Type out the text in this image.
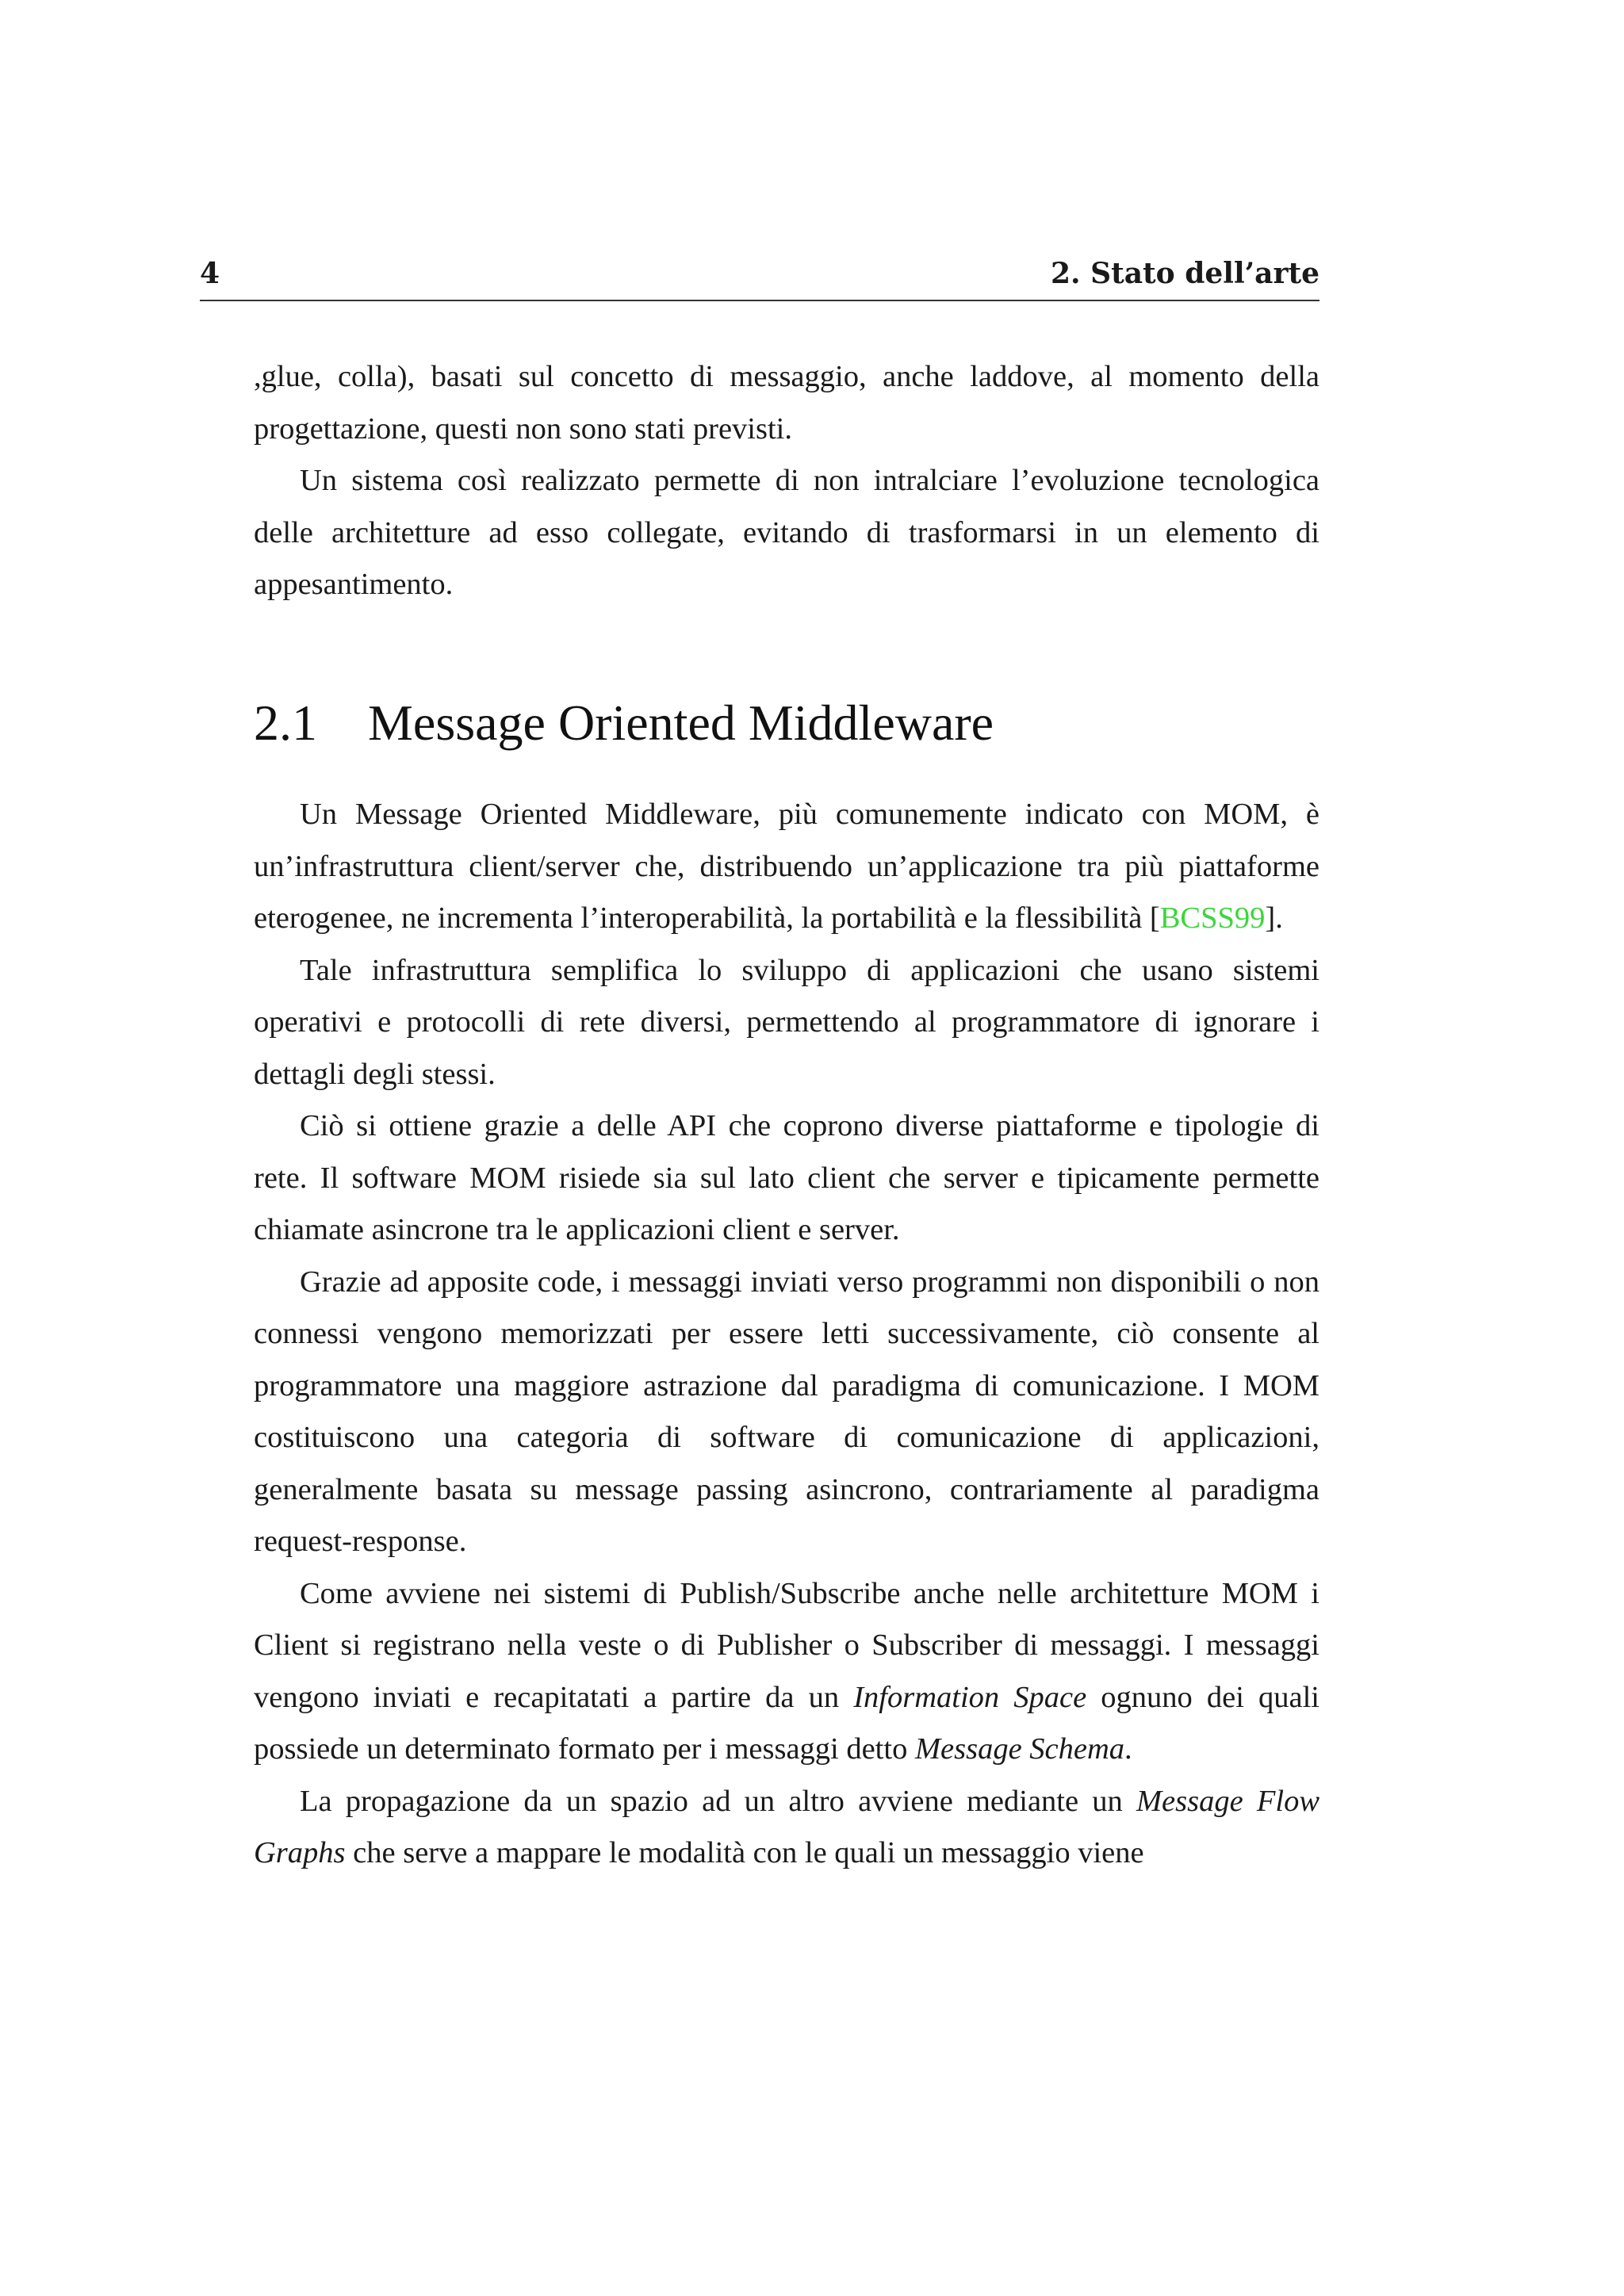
4	2. Stato dell’arte

,glue, colla), basati sul concetto di messaggio, anche laddove, al momento della progettazione, questi non sono stati previsti.

Un sistema così realizzato permette di non intralciare l’evoluzione tecnologica delle architetture ad esso collegate, evitando di trasformarsi in un elemento di appesantimento.

2.1 Message Oriented Middleware

Un Message Oriented Middleware, più comunemente indicato con MOM, è un’infrastruttura client/server che, distribuendo un’applicazione tra più piattaforme eterogenee, ne incrementa l’interoperabilità, la portabilità e la flessibilità [BCSS99].

Tale infrastruttura semplifica lo sviluppo di applicazioni che usano sistemi operativi e protocolli di rete diversi, permettendo al programmatore di ignorare i dettagli degli stessi.

Ciò si ottiene grazie a delle API che coprono diverse piattaforme e tipologie di rete. Il software MOM risiede sia sul lato client che server e tipicamente permette chiamate asincrone tra le applicazioni client e server.

Grazie ad apposite code, i messaggi inviati verso programmi non disponibili o non connessi vengono memorizzati per essere letti successivamente, ciò consente al programmatore una maggiore astrazione dal paradigma di comunicazione. I MOM costituiscono una categoria di software di comunicazione di applicazioni, generalmente basata su message passing asincrono, contrariamente al paradigma request-response.

Come avviene nei sistemi di Publish/Subscribe anche nelle architetture MOM i Client si registrano nella veste o di Publisher o Subscriber di messaggi. I messaggi vengono inviati e recapitatati a partire da un Information Space ognuno dei quali possiede un determinato formato per i messaggi detto Message Schema.

La propagazione da un spazio ad un altro avviene mediante un Message Flow Graphs che serve a mappare le modalità con le quali un messaggio viene
